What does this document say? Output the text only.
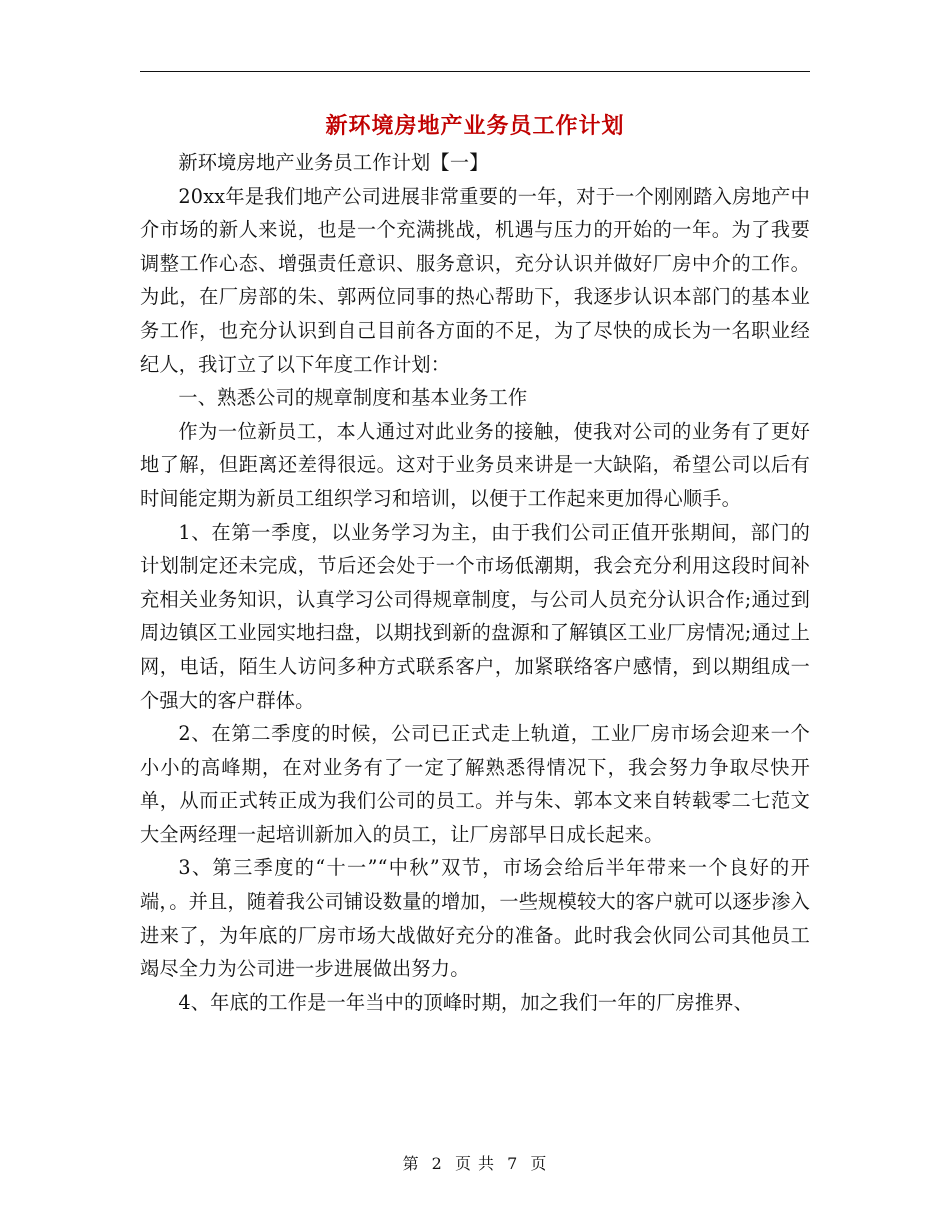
新环境房地产业务员工作计划

新环境房地产业务员工作计划【一】

20xx年是我们地产公司进展非常重要的一年，对于一个刚刚踏入房地产中介市场的新人来说，也是一个充满挑战，机遇与压力的开始的一年。为了我要调整工作心态、增强责任意识、服务意识，充分认识并做好厂房中介的工作。为此，在厂房部的朱、郭两位同事的热心帮助下，我逐步认识本部门的基本业务工作，也充分认识到自己目前各方面的不足，为了尽快的成长为一名职业经纪人，我订立了以下年度工作计划：

一、熟悉公司的规章制度和基本业务工作

作为一位新员工，本人通过对此业务的接触，使我对公司的业务有了更好地了解，但距离还差得很远。这对于业务员来讲是一大缺陷，希望公司以后有时间能定期为新员工组织学习和培训，以便于工作起来更加得心顺手。

1、在第一季度，以业务学习为主，由于我们公司正值开张期间，部门的计划制定还未完成，节后还会处于一个市场低潮期，我会充分利用这段时间补充相关业务知识，认真学习公司得规章制度，与公司人员充分认识合作;通过到周边镇区工业园实地扫盘，以期找到新的盘源和了解镇区工业厂房情况;通过上网，电话，陌生人访问多种方式联系客户，加紧联络客户感情，到以期组成一个强大的客户群体。

2、在第二季度的时候，公司已正式走上轨道，工业厂房市场会迎来一个小小的高峰期，在对业务有了一定了解熟悉得情况下，我会努力争取尽快开单，从而正式转正成为我们公司的员工。并与朱、郭本文来自转载零二七范文大全两经理一起培训新加入的员工，让厂房部早日成长起来。

3、第三季度的“十一”“中秋”双节，市场会给后半年带来一个良好的开端，。并且，随着我公司铺设数量的增加，一些规模较大的客户就可以逐步渗入进来了，为年底的厂房市场大战做好充分的准备。此时我会伙同公司其他员工竭尽全力为公司进一步进展做出努力。

4、年底的工作是一年当中的顶峰时期，加之我们一年的厂房推界、

第 2 页 共 7 页
